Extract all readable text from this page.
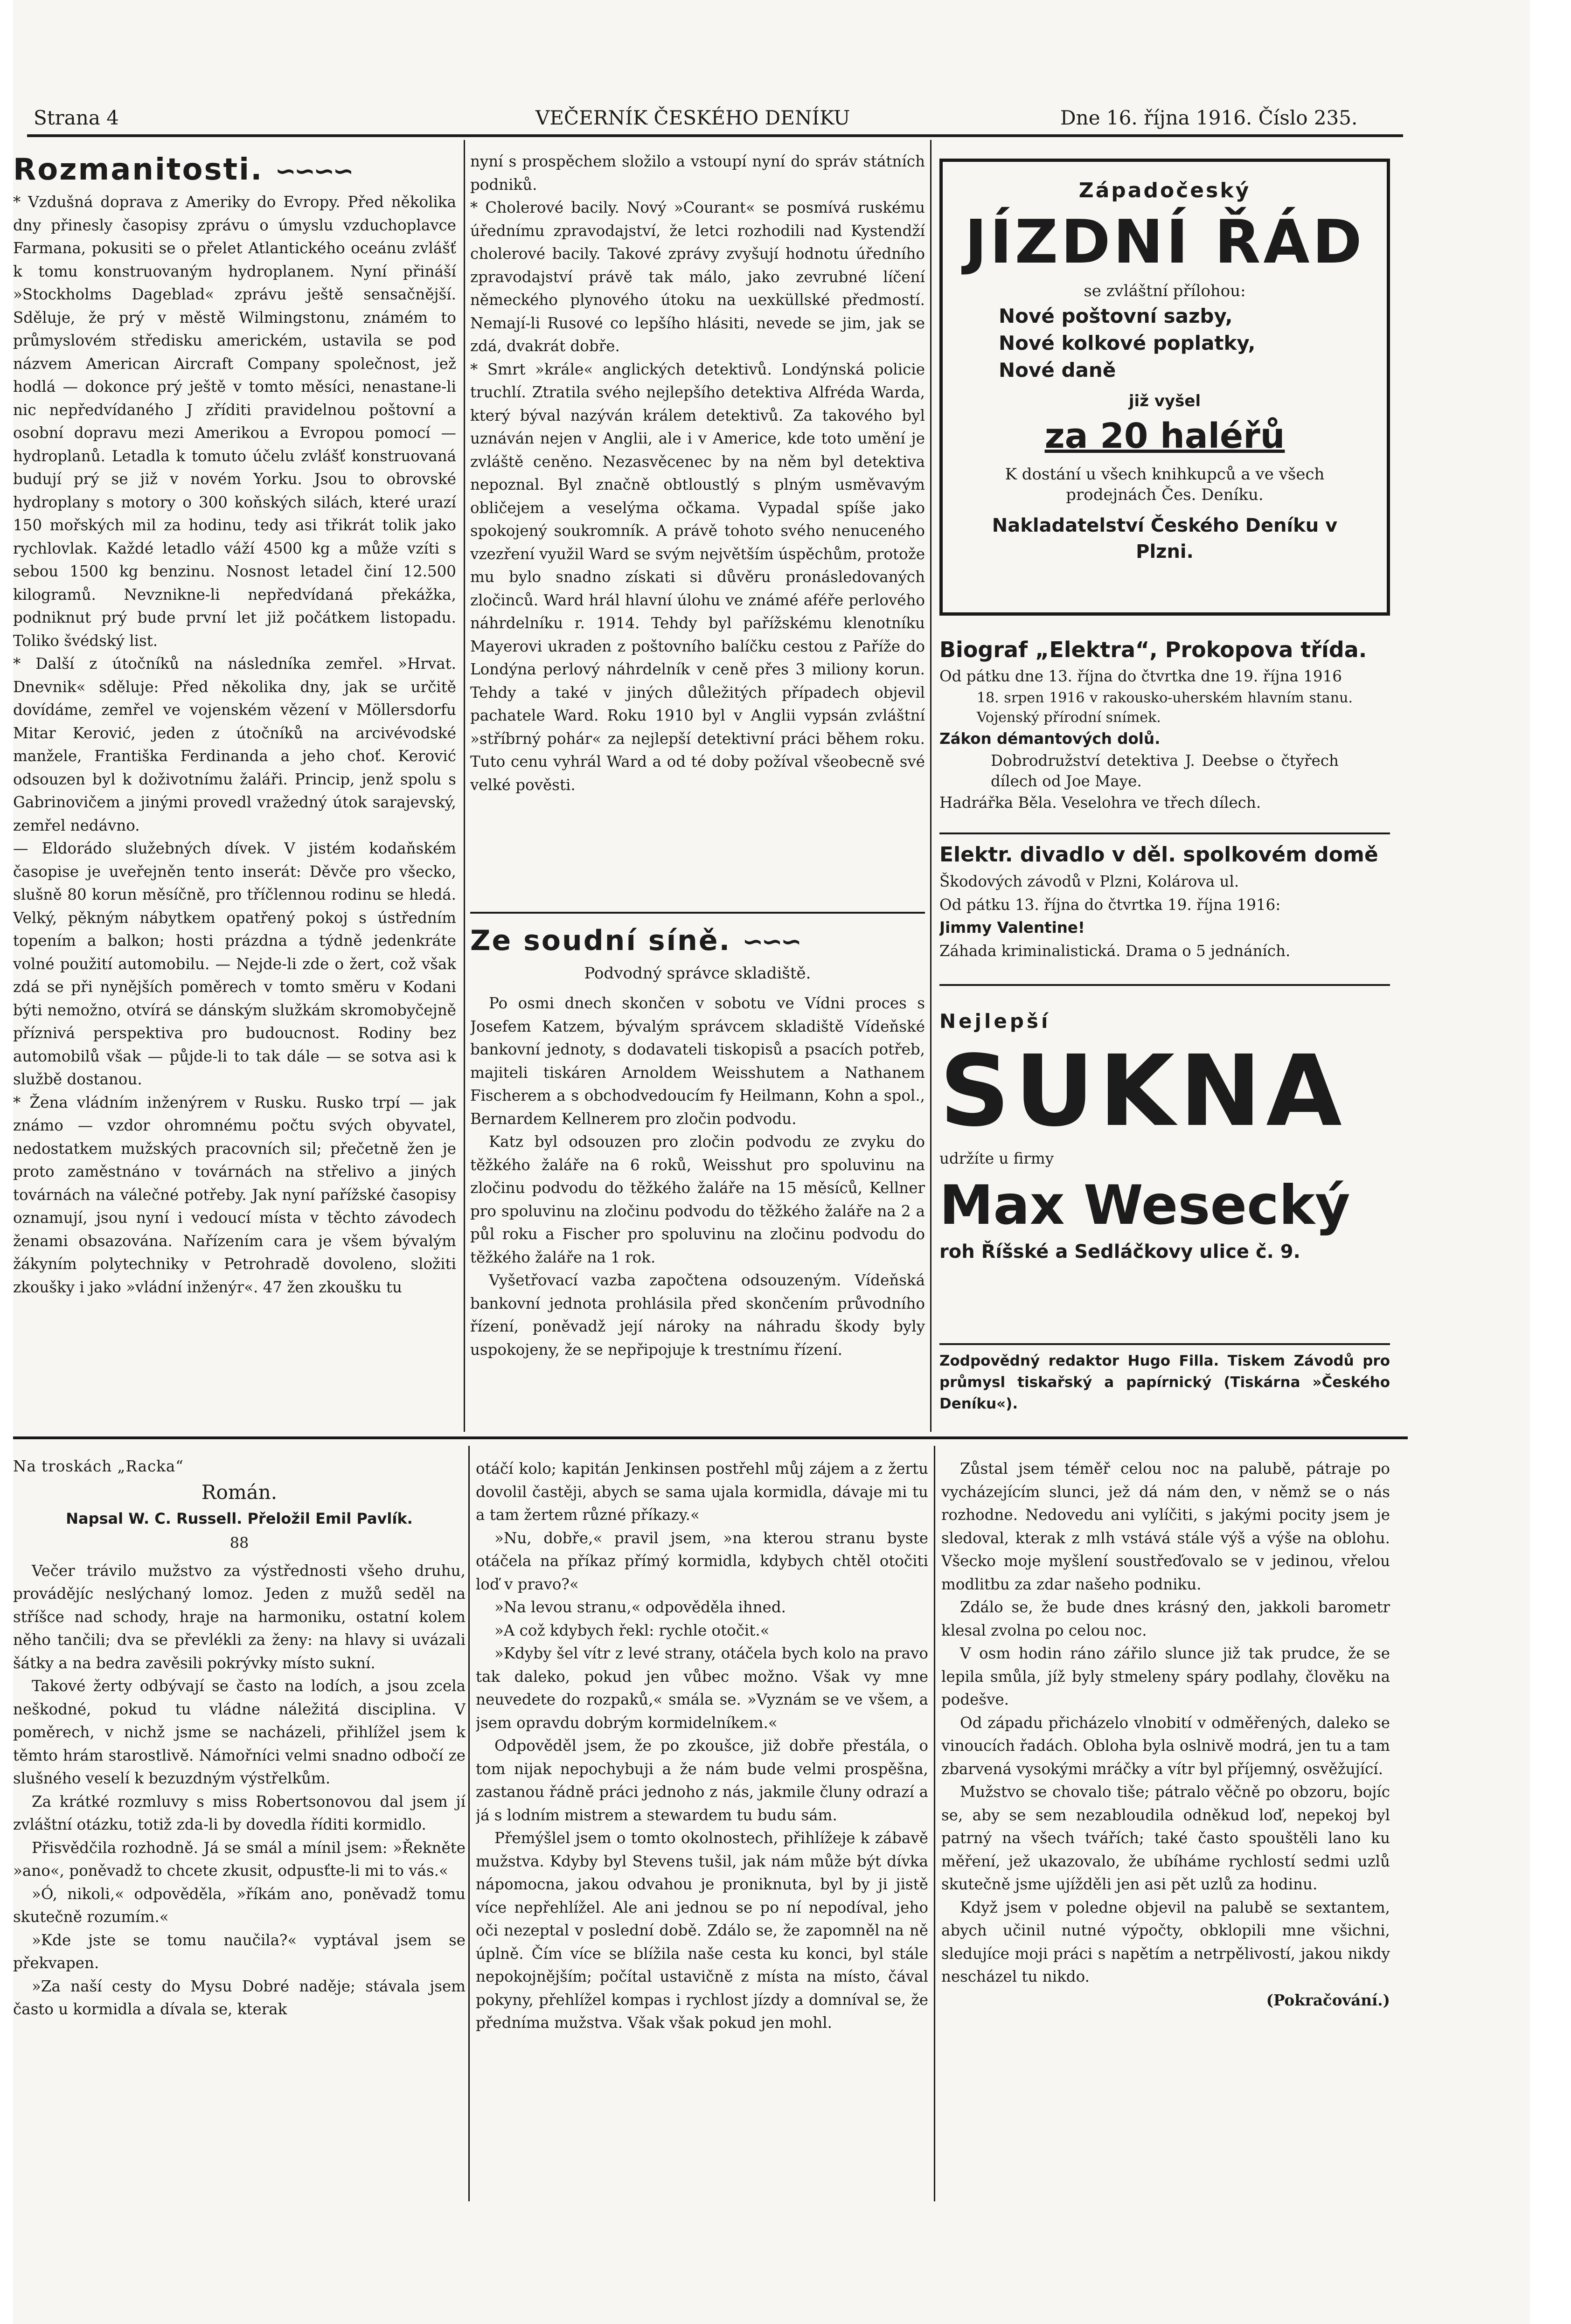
Strana 4	VEČERNÍK ČESKÉHO DENÍKU	Dne 16. října 1916. Číslo 235.
Rozmanitosti. ∽∽∽∽

* Vzdušná doprava z Ameriky do Evropy. Před několika dny přinesly časopisy zprávu o úmyslu vzduchoplavce Farmana, pokusiti se o přelet Atlantického oceánu zvlášť k tomu konstruovaným hydroplanem. Nyní přináší »Stockholms Dageblad« zprávu ještě sensačnější. Sděluje, že prý v městě Wilmingstonu, známém to průmyslovém středisku americkém, ustavila se pod názvem American Aircraft Company společnost, jež hodlá — dokonce prý ještě v tomto měsíci, nenastane-li nic nepředvídaného J zříditi pravidelnou poštovní a osobní dopravu mezi Amerikou a Evropou pomocí — hydroplanů. Letadla k tomuto účelu zvlášť konstruovaná budují prý se již v novém Yorku. Jsou to obrovské hydroplany s motory o 300 koňských silách, které urazí 150 mořských mil za hodinu, tedy asi třikrát tolik jako rychlovlak. Každé letadlo váží 4500 kg a může vzíti s sebou 1500 kg benzinu. Nosnost letadel činí 12.500 kilogramů. Nevznikne-li nepředvídaná překážka, podniknut prý bude první let již počátkem listopadu. Toliko švédský list.

* Další z útočníků na následníka zemřel. »Hrvat. Dnevnik« sděluje: Před několika dny, jak se určitě dovídáme, zemřel ve vojenském vězení v Möllersdorfu Mitar Kerović, jeden z útočníků na arcivévodské manžele, Františka Ferdinanda a jeho choť. Kerović odsouzen byl k doživotnímu žaláři. Princip, jenž spolu s Gabrinovičem a jinými provedl vražedný útok sarajevský, zemřel nedávno.

— Eldorádo služebných dívek. V jistém kodaňském časopise je uveřejněn tento inserát: Děvče pro všecko, slušně 80 korun měsíčně, pro tříčlennou rodinu se hledá. Velký, pěkným nábytkem opatřený pokoj s ústředním topením a balkon; hosti prázdna a týdně jedenkráte volné použití automobilu. — Nejde-li zde o žert, což však zdá se při nynějších poměrech v tomto směru v Kodani býti nemožno, otvírá se dánským služkám skromobyčejně příznivá perspektiva pro budoucnost. Rodiny bez automobilů však — půjde-li to tak dále — se sotva asi k službě dostanou.

* Žena vládním inženýrem v Rusku. Rusko trpí — jak známo — vzdor ohromnému počtu svých obyvatel, nedostatkem mužských pracovních sil; přečetně žen je proto zaměstnáno v továrnách na střelivo a jiných továrnách na válečné potřeby. Jak nyní pařížské časopisy oznamují, jsou nyní i vedoucí místa v těchto závodech ženami obsazována. Nařízením cara je všem bývalým žákyním polytechniky v Petrohradě dovoleno, složiti zkoušky i jako »vládní inženýr«. 47 žen zkoušku tu

nyní s prospěchem složilo a vstoupí nyní do správ státních podniků.

* Cholerové bacily. Nový »Courant« se posmívá ruskému úřednímu zpravodajství, že letci rozhodili nad Kystendží cholerové bacily. Takové zprávy zvyšují hodnotu úředního zpravodajství právě tak málo, jako zevrubné líčení německého plynového útoku na uexküllské předmostí. Nemají-li Rusové co lepšího hlásiti, nevede se jim, jak se zdá, dvakrát dobře.

* Smrt »krále« anglických detektivů. Londýnská policie truchlí. Ztratila svého nejlepšího detektiva Alfréda Warda, který býval nazýván králem detektivů. Za takového byl uznáván nejen v Anglii, ale i v Americe, kde toto umění je zvláště ceněno. Nezasvěcenec by na něm byl detektiva nepoznal. Byl značně obtloustlý s plným usměvavým obličejem a veselýma očkama. Vypadal spíše jako spokojený soukromník. A právě tohoto svého nenuceného vzezření využil Ward se svým největším úspěchům, protože mu bylo snadno získati si důvěru pronásledovaných zločinců. Ward hrál hlavní úlohu ve známé aféře perlového náhrdelníku r. 1914. Tehdy byl pařížskému klenotníku Mayerovi ukraden z poštovního balíčku cestou z Paříže do Londýna perlový náhrdelník v ceně přes 3 miliony korun. Tehdy a také v jiných důležitých případech objevil pachatele Ward. Roku 1910 byl v Anglii vypsán zvláštní »stříbrný pohár« za nejlepší detektivní práci během roku. Tuto cenu vyhrál Ward a od té doby požíval všeobecně své velké pověsti.

Ze soudní síně. ∽∽∽
Podvodný správce skladiště.

Po osmi dnech skončen v sobotu ve Vídni proces s Josefem Katzem, bývalým správcem skladiště Vídeňské bankovní jednoty, s dodavateli tiskopisů a psacích potřeb, majiteli tiskáren Arnoldem Weisshutem a Nathanem Fischerem a s obchodvedoucím fy Heilmann, Kohn a spol., Bernardem Kellnerem pro zločin podvodu.

Katz byl odsouzen pro zločin podvodu ze zvyku do těžkého žaláře na 6 roků, Weisshut pro spoluvinu na zločinu podvodu do těžkého žaláře na 15 měsíců, Kellner pro spoluvinu na zločinu podvodu do těžkého žaláře na 2 a půl roku a Fischer pro spoluvinu na zločinu podvodu do těžkého žaláře na 1 rok.

Vyšetřovací vazba započtena odsouzeným. Vídeňská bankovní jednota prohlásila před skončením průvodního řízení, poněvadž její nároky na náhradu škody byly uspokojeny, že se nepřipojuje k trestnímu řízení.

Západočeský

JÍZDNÍ ŘÁD

se zvláštní přílohou:

Nové poštovní sazby,

Nové kolkové poplatky,

Nové daně

již vyšel

za 20 haléřů

K dostání u všech knihkupců a ve všech prodejnách Čes. Deníku.

Nakladatelství Českého Deníku v Plzni.

Biograf „Elektra“, Prokopova třída.

Od pátku dne 13. října do čtvrtka dne 19. října 1916

18. srpen 1916 v rakousko-uherském hlavním stanu. Vojenský přírodní snímek.

Zákon démantových dolů.

Dobrodružství detektiva J. Deebse o čtyřech dílech od Joe Maye.

Hadrářka Běla. Veselohra ve třech dílech.

Elektr. divadlo v děl. spolkovém domě

Škodových závodů v Plzni, Kolárova ul.

Od pátku 13. října do čtvrtka 19. října 1916:

Jimmy Valentine!

Záhada kriminalistická. Drama o 5 jednáních.

Nejlepší

SUKNA

udržíte u firmy

Max Wesecký

roh Říšské a Sedláčkovy ulice č. 9.

Zodpovědný redaktor Hugo Filla. Tiskem Závodů pro průmysl tiskařský a papírnický (Tiskárna »Českého Deníku«).

Na troskách „Racka“

Román.

Napsal W. C. Russell. Přeložil Emil Pavlík.

88

Večer trávilo mužstvo za výstřednosti všeho druhu, provádějíc neslýchaný lomoz. Jeden z mužů seděl na stříšce nad schody, hraje na harmoniku, ostatní kolem něho tančili; dva se převlékli za ženy: na hlavy si uvázali šátky a na bedra zavěsili pokrývky místo sukní.

Takové žerty odbývají se často na lodích, a jsou zcela neškodné, pokud tu vládne náležitá disciplina. V poměrech, v nichž jsme se nacházeli, přihlížel jsem k těmto hrám starostlivě. Námořníci velmi snadno odbočí ze slušného veselí k bezuzdným výstřelkům.

Za krátké rozmluvy s miss Robertsonovou dal jsem jí zvláštní otázku, totiž zda-li by dovedla říditi kormidlo.

Přisvědčila rozhodně. Já se smál a mínil jsem: »Řekněte »ano«, poněvadž to chcete zkusit, odpusťte-li mi to vás.«

»Ó, nikoli,« odpověděla, »říkám ano, poněvadž tomu skutečně rozumím.«

»Kde jste se tomu naučila?« vyptával jsem se překvapen.

»Za naší cesty do Mysu Dobré naděje; stávala jsem často u kormidla a dívala se, kterak

otáčí kolo; kapitán Jenkinsen postřehl můj zájem a z žertu dovolil častěji, abych se sama ujala kormidla, dávaje mi tu a tam žertem různé příkazy.«

»Nu, dobře,« pravil jsem, »na kterou stranu byste otáčela na příkaz přímý kormidla, kdybych chtěl otočiti loď v pravo?«

»Na levou stranu,« odpověděla ihned.

»A což kdybych řekl: rychle otočit.«

»Kdyby šel vítr z levé strany, otáčela bych kolo na pravo tak daleko, pokud jen vůbec možno. Však vy mne neuvedete do rozpaků,« smála se. »Vyznám se ve všem, a jsem opravdu dobrým kormidelníkem.«

Odpověděl jsem, že po zkoušce, již dobře přestála, o tom nijak nepochybuji a že nám bude velmi prospěšna, zastanou řádně práci jednoho z nás, jakmile čluny odrazí a já s lodním mistrem a stewardem tu budu sám.

Přemýšlel jsem o tomto okolnostech, přihlížeje k zábavě mužstva. Kdyby byl Stevens tušil, jak nám může být dívka nápomocna, jakou odvahou je proniknuta, byl by ji jistě více nepřehlížel. Ale ani jednou se po ní nepodíval, jeho oči nezeptal v poslední době. Zdálo se, že zapomněl na ně úplně. Čím více se blížila naše cesta ku konci, byl stále nepokojnějším; počítal ustavičně z místa na místo, čával pokyny, přehlížel kompas i rychlost jízdy a domníval se, že předníma mužstva. Však však pokud jen mohl.

Zůstal jsem téměř celou noc na palubě, pátraje po vycházejícím slunci, jež dá nám den, v němž se o nás rozhodne. Nedovedu ani vylíčiti, s jakými pocity jsem je sledoval, kterak z mlh vstává stále výš a výše na oblohu. Všecko moje myšlení soustřeďovalo se v jedinou, vřelou modlitbu za zdar našeho podniku.

Zdálo se, že bude dnes krásný den, jakkoli barometr klesal zvolna po celou noc.

V osm hodin ráno zářilo slunce již tak prudce, že se lepila smůla, jíž byly stmeleny spáry podlahy, člověku na podešve.

Od západu přicházelo vlnobití v odměřených, daleko se vinoucích řadách. Obloha byla oslnivě modrá, jen tu a tam zbarvená vysokými mráčky a vítr byl příjemný, osvěžující.

Mužstvo se chovalo tiše; pátralo věčně po obzoru, bojíc se, aby se sem nezabloudila odněkud loď, nepekoj byl patrný na všech tvářích; také často spouštěli lano ku měření, jež ukazovalo, že ubíháme rychlostí sedmi uzlů skutečně jsme ujížděli jen asi pět uzlů za hodinu.

Když jsem v poledne objevil na palubě se sextantem, abych učinil nutné výpočty, obklopili mne všichni, sledujíce moji práci s napětím a netrpělivostí, jakou nikdy nescházel tu nikdo.

(Pokračování.)
